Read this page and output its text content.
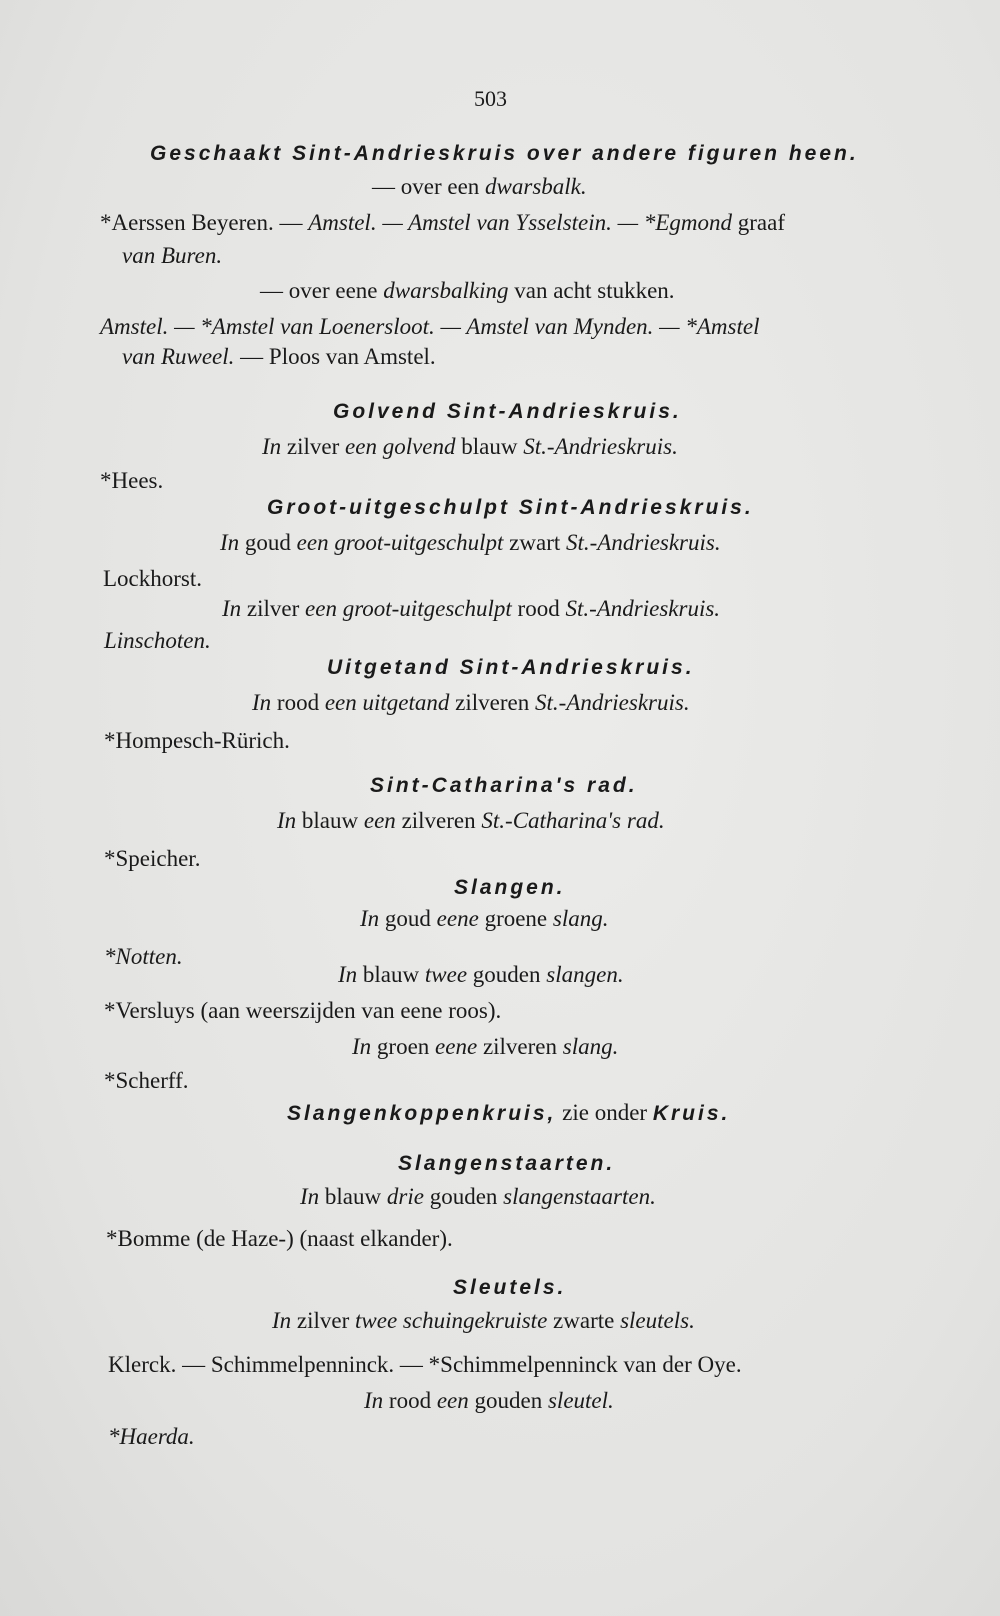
503
Geschaakt Sint-Andrieskruis over andere figuren heen.
— over een dwarsbalk.
*Aerssen Beyeren. — Amstel. — Amstel van Ysselstein. — *Egmond graaf
van Buren.
— over eene dwarsbalking van acht stukken.
Amstel. — *Amstel van Loenersloot. — Amstel van Mynden. — *Amstel
van Ruweel. — Ploos van Amstel.
Golvend Sint-Andrieskruis.
In zilver een golvend blauw St.-Andrieskruis.
*Hees.
Groot-uitgeschulpt Sint-Andrieskruis.
In goud een groot-uitgeschulpt zwart St.-Andrieskruis.
Lockhorst.
In zilver een groot-uitgeschulpt rood St.-Andrieskruis.
Linschoten.
Uitgetand Sint-Andrieskruis.
In rood een uitgetand zilveren St.-Andrieskruis.
*Hompesch-Rürich.
Sint-Catharina's rad.
In blauw een zilveren St.-Catharina's rad.
*Speicher.
Slangen.
In goud eene groene slang.
*Notten.
In blauw twee gouden slangen.
*Versluys (aan weerszijden van eene roos).
In groen eene zilveren slang.
*Scherff.
Slangenkoppenkruis, zie onder Kruis.
Slangenstaarten.
In blauw drie gouden slangenstaarten.
*Bomme (de Haze-) (naast elkander).
Sleutels.
In zilver twee schuingekruiste zwarte sleutels.
Klerck. — Schimmelpenninck. — *Schimmelpenninck van der Oye.
In rood een gouden sleutel.
*Haerda.
